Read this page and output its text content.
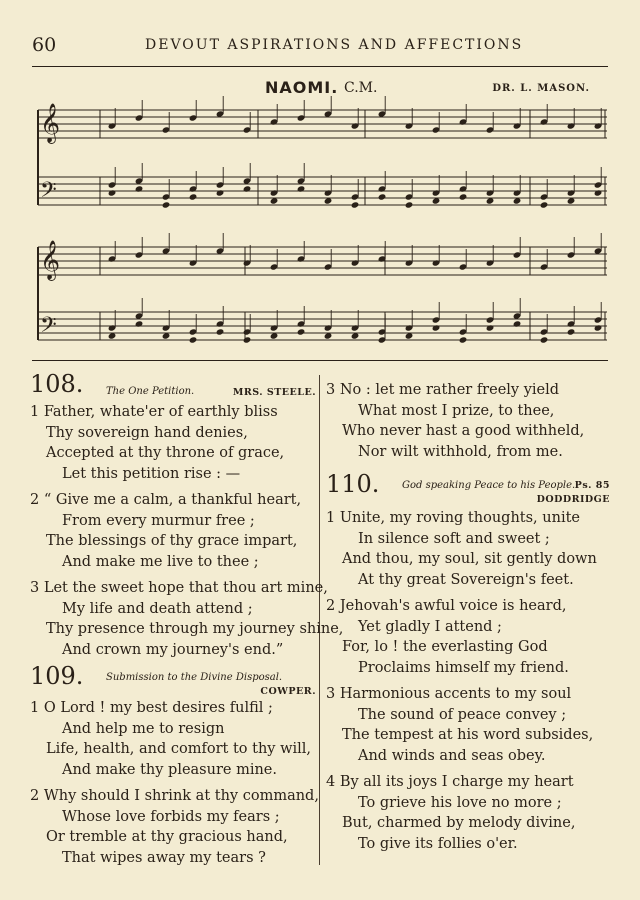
60	DEVOUT ASPIRATIONS AND AFFECTIONS
NAOMI. C.M.	DR. L. MASON.
𝄞
𝄢
𝄞
𝄢
108. The One Petition.	MRS. STEELE.
1 Father, whate'er of earthly bliss
Thy sovereign hand denies,
Accepted at thy throne of grace,
Let this petition rise : —
2 “ Give me a calm, a thankful heart,
From every murmur free ;
The blessings of thy grace impart,
And make me live to thee ;
3 Let the sweet hope that thou art mine,
My life and death attend ;
Thy presence through my journey shine,
And crown my journey's end.”
109. Submission to the Divine Disposal.
COWPER.
1 O Lord ! my best desires fulfil ;
And help me to resign
Life, health, and comfort to thy will,
And make thy pleasure mine.
2 Why should I shrink at thy command,
Whose love forbids my fears ;
Or tremble at thy gracious hand,
That wipes away my tears ?
3 No : let me rather freely yield
What most I prize, to thee,
Who never hast a good withheld,
Nor wilt withhold, from me.
110. God speaking Peace to his People. Ps. 85
DODDRIDGE
1 Unite, my roving thoughts, unite
In silence soft and sweet ;
And thou, my soul, sit gently down
At thy great Sovereign's feet.
2 Jehovah's awful voice is heard,
Yet gladly I attend ;
For, lo ! the everlasting God
Proclaims himself my friend.
3 Harmonious accents to my soul
The sound of peace convey ;
The tempest at his word subsides,
And winds and seas obey.
4 By all its joys I charge my heart
To grieve his love no more ;
But, charmed by melody divine,
To give its follies o'er.
